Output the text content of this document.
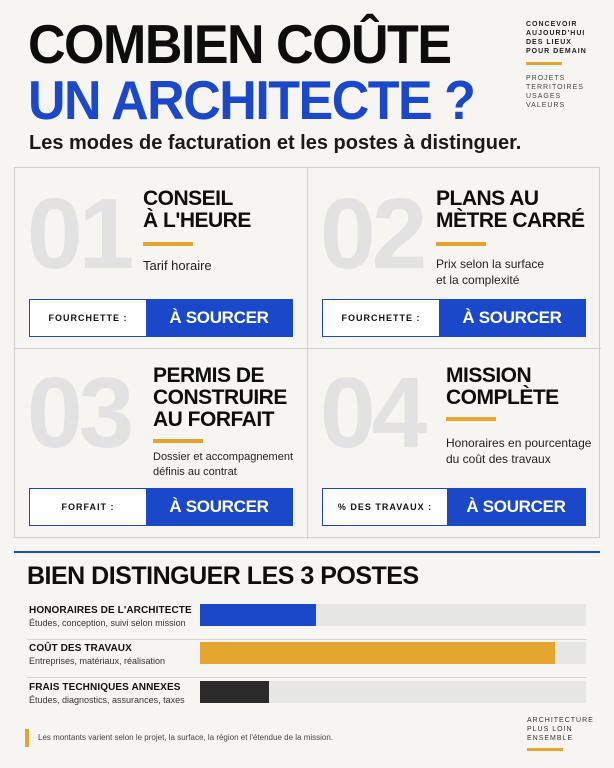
COMBIEN COÛTE
UN ARCHITECTE ?
Les modes de facturation et les postes à distinguer.
CONCEVOIR
AUJOURD'HUI
DES LIEUX
POUR DEMAIN
PROJETS
TERRITOIRES
USAGES
VALEURS
01 CONSEIL
À L'HEURE
Tarif horaire
FOURCHETTE :	À SOURCER
02 PLANS AU
MÈTRE CARRÉ
Prix selon la surface
et la complexité
FOURCHETTE :	À SOURCER
03 PERMIS DE
CONSTRUIRE
AU FORFAIT
Dossier et accompagnement
définis au contrat
FORFAIT :	À SOURCER
04 MISSION
COMPLÈTE
Honoraires en pourcentage
du coût des travaux
% DES TRAVAUX :	À SOURCER
BIEN DISTINGUER LES 3 POSTES
HONORAIRES DE L'ARCHITECTE
Études, conception, suivi selon mission
COÛT DES TRAVAUX
Entreprises, matériaux, réalisation
FRAIS TECHNIQUES ANNEXES
Études, diagnostics, assurances, taxes
Les montants varient selon le projet, la surface, la région et l'étendue de la mission.
ARCHITECTURE
PLUS LOIN
ENSEMBLE
